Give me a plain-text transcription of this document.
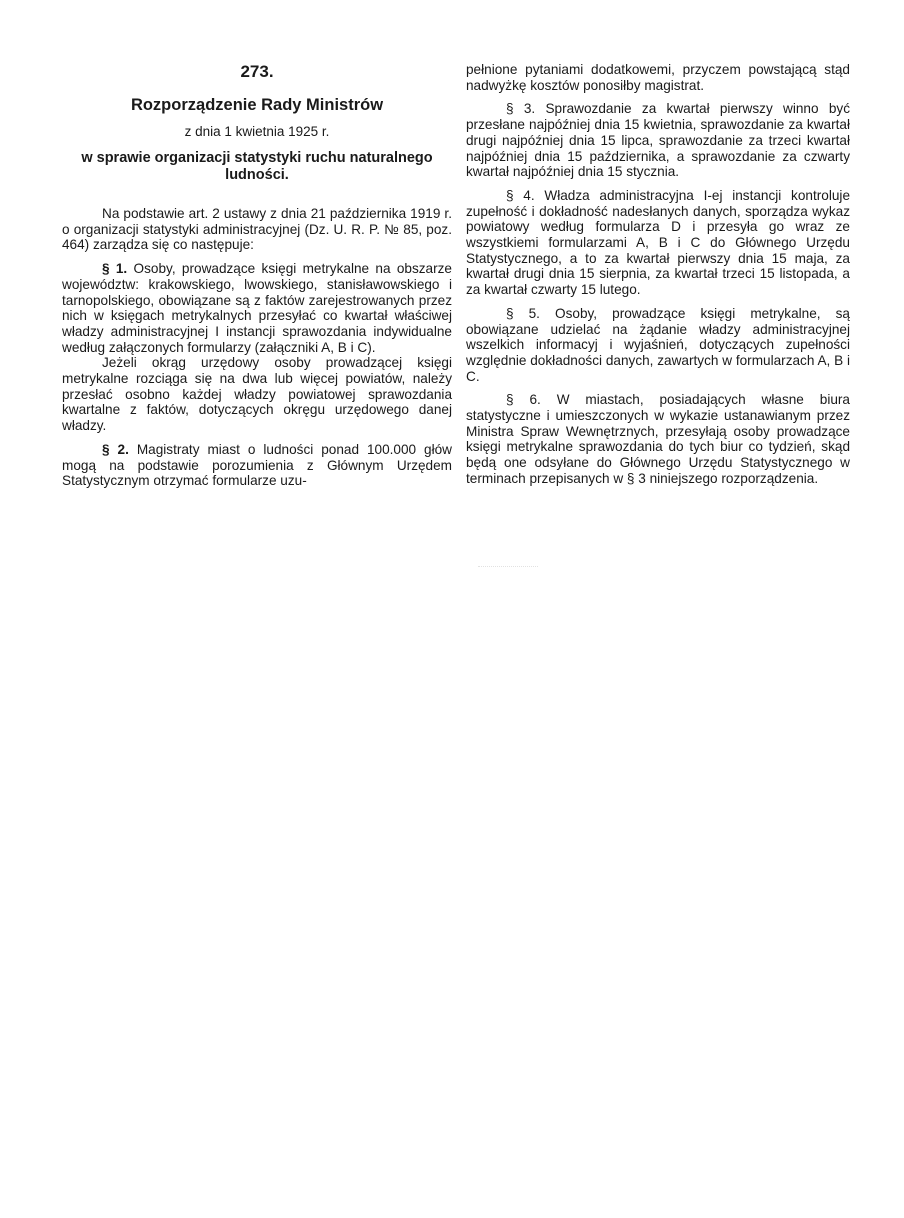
273.
Rozporządzenie Rady Ministrów
z dnia 1 kwietnia 1925 r.
w sprawie organizacji statystyki ruchu naturalnego ludności.

Na podstawie art. 2 ustawy z dnia 21 października 1919 r. o organizacji statystyki administracyjnej (Dz. U. R. P. № 85, poz. 464) zarządza się co następuje:

§ 1. Osoby, prowadzące księgi metrykalne na obszarze województw: krakowskiego, lwowskiego, stanisławowskiego i tarnopolskiego, obowiązane są z faktów zarejestrowanych przez nich w księgach metrykalnych przesyłać co kwartał właściwej władzy administracyjnej I instancji sprawozdania indywidualne według załączonych formularzy (załączniki A, B i C).

Jeżeli okrąg urzędowy osoby prowadzącej księgi metrykalne rozciąga się na dwa lub więcej powiatów, należy przesłać osobno każdej władzy powiatowej sprawozdania kwartalne z faktów, dotyczących okręgu urzędowego danej władzy.

§ 2. Magistraty miast o ludności ponad 100.000 głów mogą na podstawie porozumienia z Głównym Urzędem Statystycznym otrzymać formularze uzu-

pełnione pytaniami dodatkowemi, przyczem powstającą stąd nadwyżkę kosztów ponosiłby magistrat.

§ 3. Sprawozdanie za kwartał pierwszy winno być przesłane najpóźniej dnia 15 kwietnia, sprawozdanie za kwartał drugi najpóźniej dnia 15 lipca, sprawozdanie za trzeci kwartał najpóźniej dnia 15 października, a sprawozdanie za czwarty kwartał najpóźniej dnia 15 stycznia.

§ 4. Władza administracyjna I-ej instancji kontroluje zupełność i dokładność nadesłanych danych, sporządza wykaz powiatowy według formularza D i przesyła go wraz ze wszystkiemi formularzami A, B i C do Głównego Urzędu Statystycznego, a to za kwartał pierwszy dnia 15 maja, za kwartał drugi dnia 15 sierpnia, za kwartał trzeci 15 listopada, a za kwartał czwarty 15 lutego.

§ 5. Osoby, prowadzące księgi metrykalne, są obowiązane udzielać na żądanie władzy administracyjnej wszelkich informacyj i wyjaśnień, dotyczących zupełności względnie dokładności danych, zawartych w formularzach A, B i C.

§ 6. W miastach, posiadających własne biura statystyczne i umieszczonych w wykazie ustanawianym przez Ministra Spraw Wewnętrznych, przesyłają osoby prowadzące księgi metrykalne sprawozdania do tych biur co tydzień, skąd będą one odsyłane do Głównego Urzędu Statystycznego w terminach przepisanych w § 3 niniejszego rozporządzenia.
